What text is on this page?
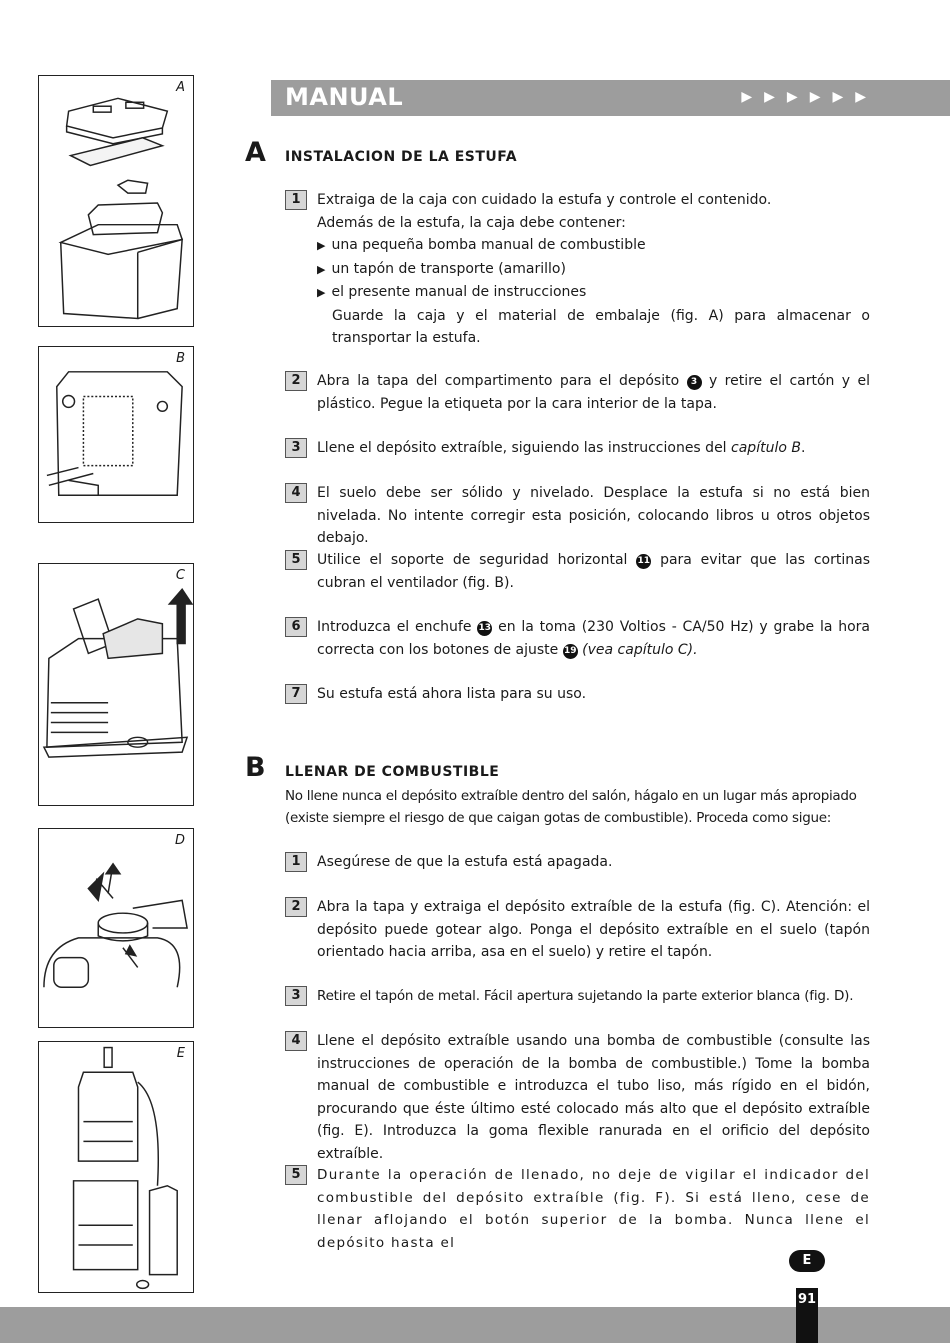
A
B
C
D
E
MANUAL	▶▶▶▶▶▶
A INSTALACION DE LA ESTUFA
1	Extraiga de la caja con cuidado la estufa y controle el contenido.
Además de la estufa, la caja debe contener:
▶ una pequeña bomba manual de combustible
▶ un tapón de transporte (amarillo)
▶ el presente manual de instrucciones
Guarde la caja y el material de embalaje (fig. A) para almacenar o transportar la estufa.
2	Abra la tapa del compartimento para el depósito 3 y retire el cartón y el plástico. Pegue la etiqueta por la cara interior de la tapa.
3	Llene el depósito extraíble, siguiendo las instrucciones del capítulo B.
4	El suelo debe ser sólido y nivelado. Desplace la estufa si no está bien nivelada. No intente corregir esta posición, colocando libros u otros objetos debajo.
5	Utilice el soporte de seguridad horizontal 11 para evitar que las cortinas cubran el ventilador (fig. B).
6	Introduzca el enchufe 13 en la toma (230 Voltios - CA/50 Hz) y grabe la hora correcta con los botones de ajuste 19 (vea capítulo C).
7	Su estufa está ahora lista para su uso.
B LLENAR DE COMBUSTIBLE
No llene nunca el depósito extraíble dentro del salón, hágalo en un lugar más apropiado (existe siempre el riesgo de que caigan gotas de combustible). Proceda como sigue:
1	Asegúrese de que la estufa está apagada.
2	Abra la tapa y extraiga el depósito extraíble de la estufa (fig. C). Atención: el depósito puede gotear algo. Ponga el depósito extraíble en el suelo (tapón orientado hacia arriba, asa en el suelo) y retire el tapón.
3	Retire el tapón de metal. Fácil apertura sujetando la parte exterior blanca (fig. D).
4	Llene el depósito extraíble usando una bomba de combustible (consulte las instrucciones de operación de la bomba de combustible.) Tome la bomba manual de combustible e introduzca el tubo liso, más rígido en el bidón, procurando que éste último esté colocado más alto que el depósito extraíble (fig. E). Introduzca la goma flexible ranurada en el orificio del depósito extraíble.
5	Durante la operación de llenado, no deje de vigilar el indicador del combustible del depósito extraíble (fig. F). Si está lleno, cese de llenar aflojando el botón superior de la bomba. Nunca llene el depósito hasta el
E
91
